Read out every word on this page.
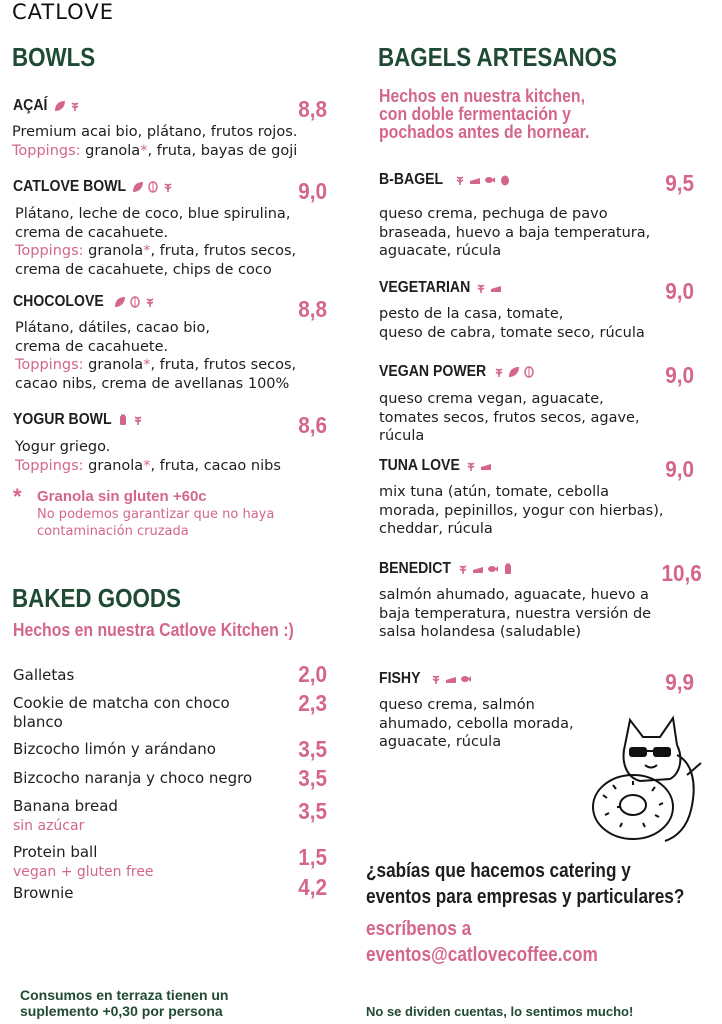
CATLOVE
BOWLS
AÇAÍ	8,8
Premium acai bio, plátano, frutos rojos.
Toppings: granola*, fruta, bayas de goji
CATLOVE BOWL	9,0
Plátano, leche de coco, blue spirulina,
crema de cacahuete.
Toppings: granola*, fruta, frutos secos,
crema de cacahuete, chips de coco
CHOCOLOVE	8,8
Plátano, dátiles, cacao bio,
crema de cacahuete.
Toppings: granola*, fruta, frutos secos,
cacao nibs, crema de avellanas 100%
YOGUR BOWL	8,6
Yogur griego.
Toppings: granola*, fruta, cacao nibs
* Granola sin gluten +60c
No podemos garantizar que no haya
contaminación cruzada
BAKED GOODS
Hechos en nuestra Catlove Kitchen :)
Galletas	2,0
Cookie de matcha con choco
blanco
2,3
Bizcocho limón y arándano	3,5
Bizcocho naranja y choco negro 3,5
Banana bread
sin azúcar
3,5
Protein ball
vegan + gluten free
1,5
Brownie	4,2
BAGELS ARTESANOS
Hechos en nuestra kitchen,
con doble fermentación y
pochados antes de hornear.
B-BAGEL	9,5
queso crema, pechuga de pavo
braseada, huevo a baja temperatura,
aguacate, rúcula
VEGETARIAN	9,0
pesto de la casa, tomate,
queso de cabra, tomate seco, rúcula
VEGAN POWER	9,0
queso crema vegan, aguacate,
tomates secos, frutos secos, agave,
rúcula
TUNA LOVE	9,0
mix tuna (atún, tomate, cebolla
morada, pepinillos, yogur con hierbas),
cheddar, rúcula
BENEDICT	10,6
salmón ahumado, aguacate, huevo a
baja temperatura, nuestra versión de
salsa holandesa (saludable)
FISHY	9,9
queso crema, salmón
ahumado, cebolla morada,
aguacate, rúcula
¿sabías que hacemos catering y
eventos para empresas y particulares?
escríbenos a
eventos@catlovecoffee.com
Consumos en terraza tienen un
suplemento +0,30 por persona	No se dividen cuentas, lo sentimos mucho!
